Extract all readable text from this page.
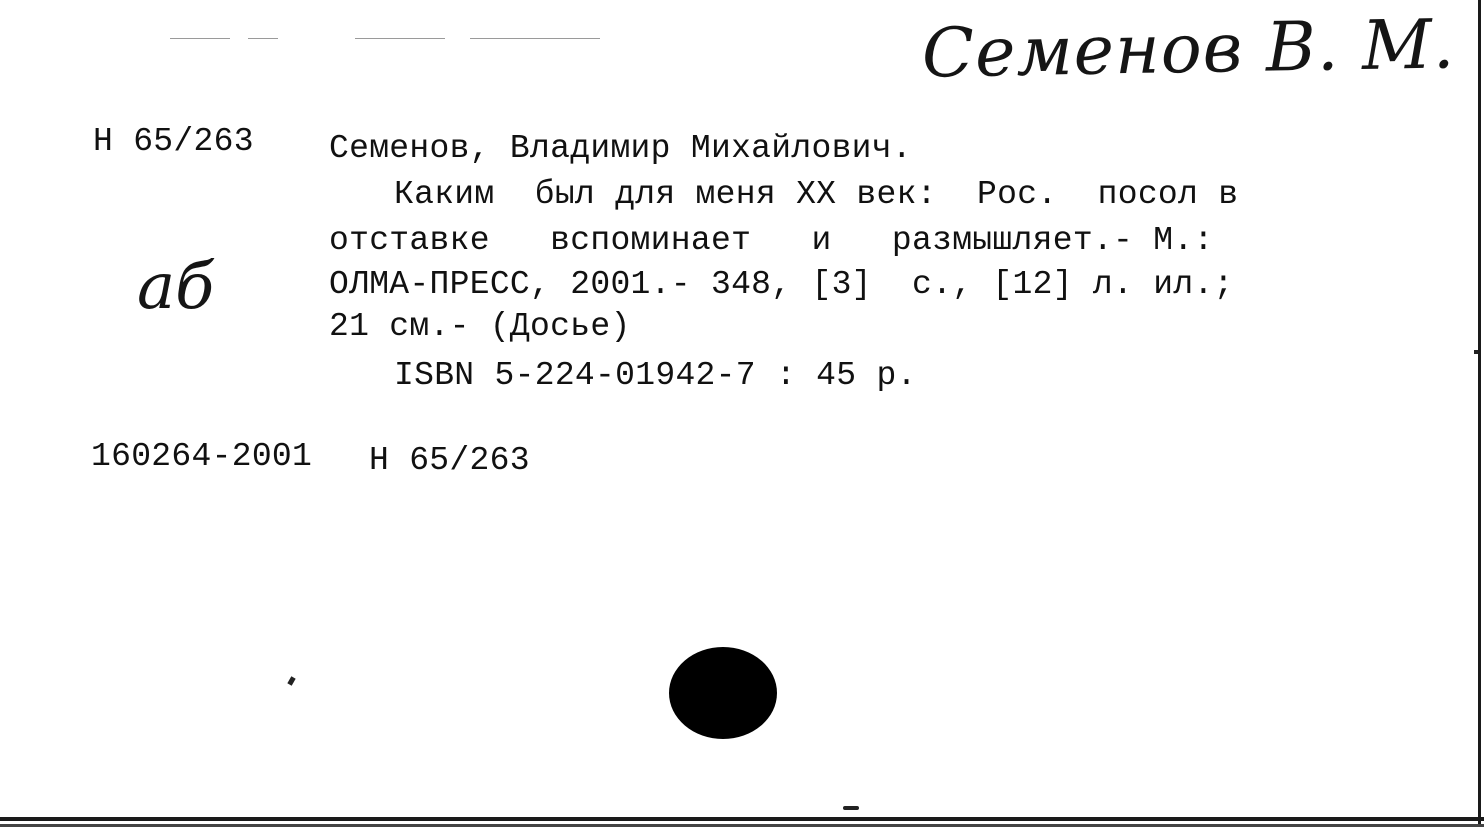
Семенов В. М.
Н 65/263 Семенов, Владимир Михайлович.
Каким  был для меня XX век:  Рос.  посол в
отставке   вспоминает   и   размышляет.- М.:
ОЛМА-ПРЕСС, 2001.- 348, [3]  с., [12] л. ил.;
21 см.- (Досье)
ISBN 5-224-01942-7 : 45 р.
аб
160264-2001 Н 65/263
